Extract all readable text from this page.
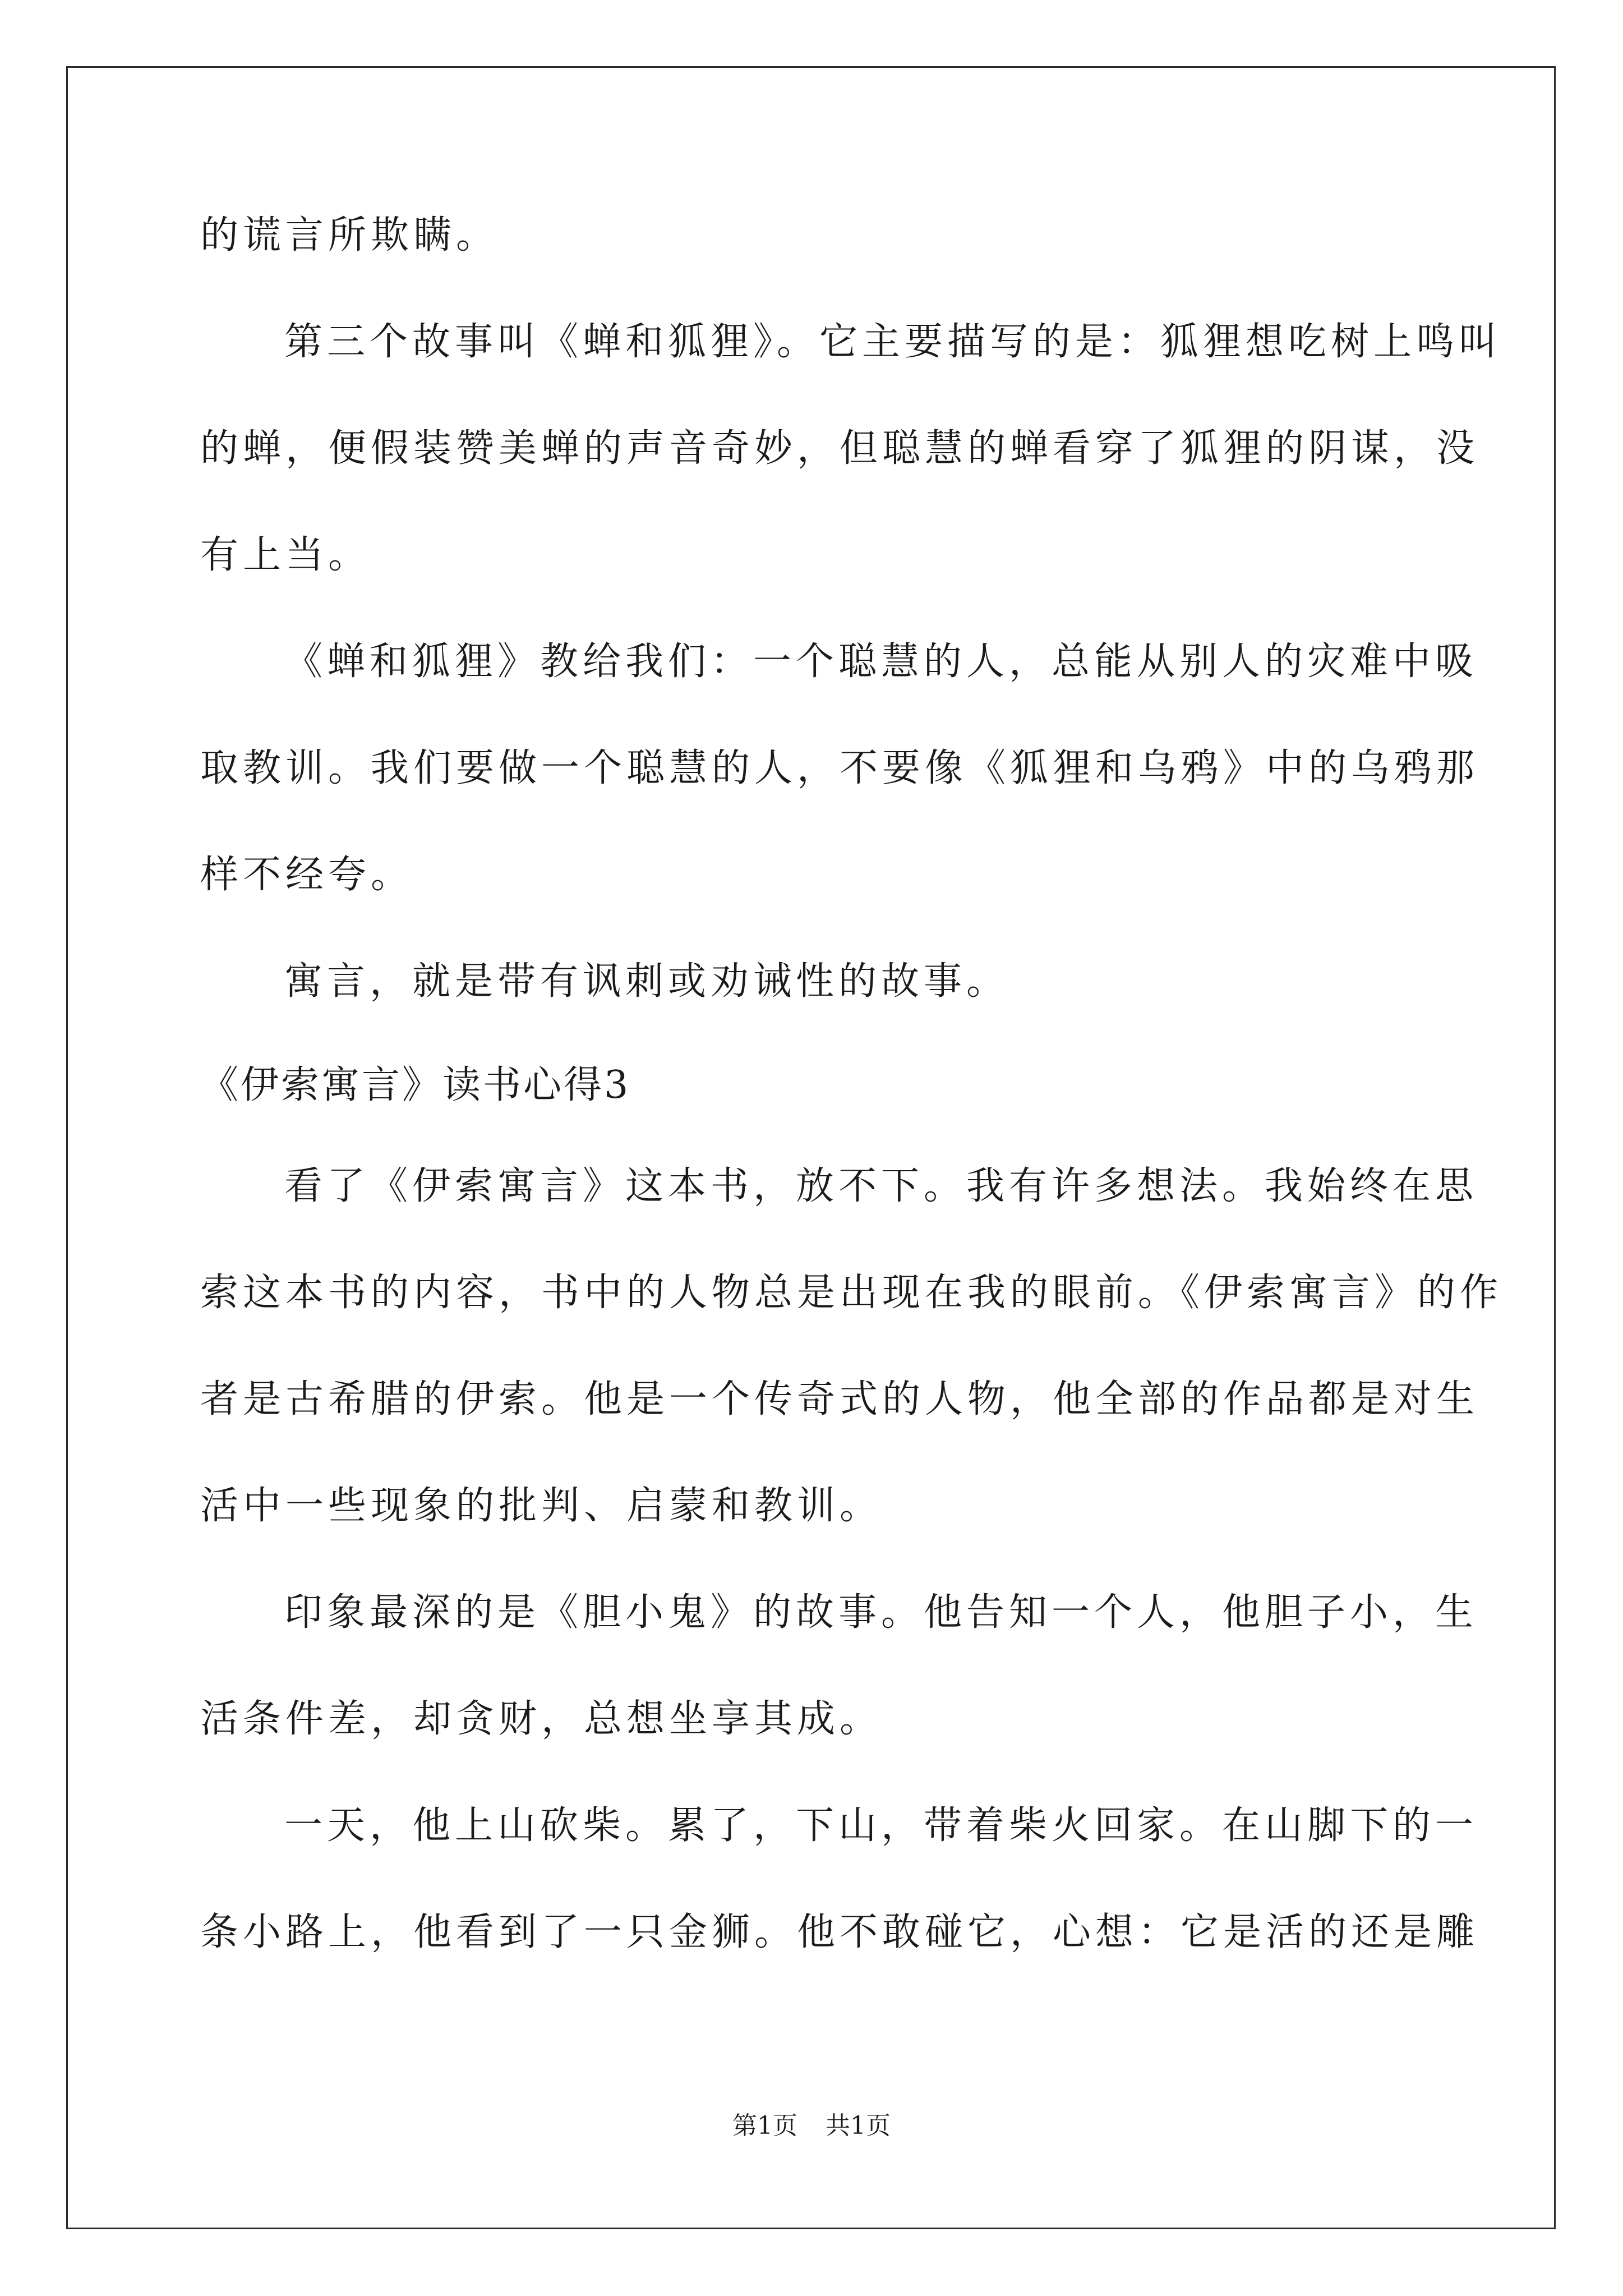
的谎言所欺瞒。
第三个故事叫《蝉和狐狸》。它主要描写的是：狐狸想吃树上鸣叫
的蝉，便假装赞美蝉的声音奇妙，但聪慧的蝉看穿了狐狸的阴谋，没
有上当。
《蝉和狐狸》教给我们：一个聪慧的人，总能从别人的灾难中吸
取教训。我们要做一个聪慧的人，不要像《狐狸和乌鸦》中的乌鸦那
样不经夸。
寓言，就是带有讽刺或劝诫性的故事。
《伊索寓言》读书心得3
看了《伊索寓言》这本书，放不下。我有许多想法。我始终在思
索这本书的内容，书中的人物总是出现在我的眼前。《伊索寓言》的作
者是古希腊的伊索。他是一个传奇式的人物，他全部的作品都是对生
活中一些现象的批判、启蒙和教训。
印象最深的是《胆小鬼》的故事。他告知一个人，他胆子小，生
活条件差，却贪财，总想坐享其成。
一天，他上山砍柴。累了，下山，带着柴火回家。在山脚下的一
条小路上，他看到了一只金狮。他不敢碰它，心想：它是活的还是雕
第1页 共1页
